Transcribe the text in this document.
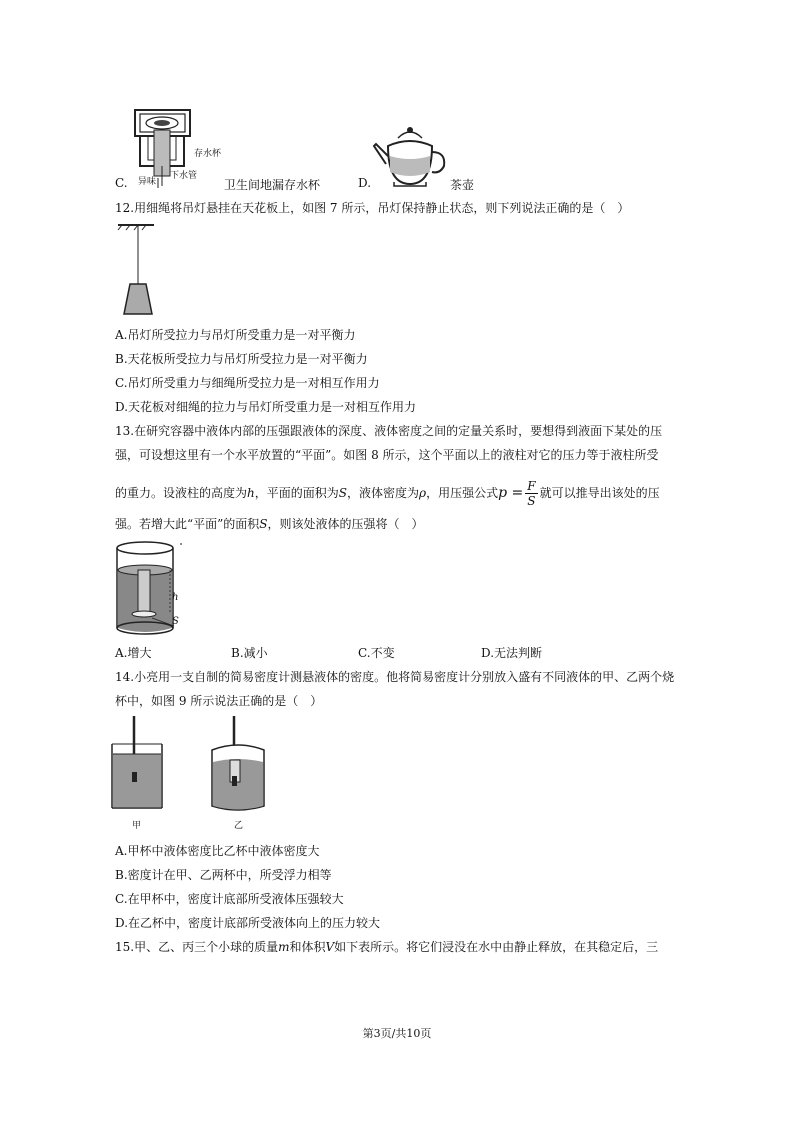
存水杯
下水管
异味
C.	卫生间地漏存水杯	D.	茶壶
12.用细绳将吊灯悬挂在天花板上，如图 7 所示，吊灯保持静止状态，则下列说法正确的是（　）
A.吊灯所受拉力与吊灯所受重力是一对平衡力
B.天花板所受拉力与吊灯所受拉力是一对平衡力
C.吊灯所受重力与细绳所受拉力是一对相互作用力
D.天花板对细绳的拉力与吊灯所受重力是一对相互作用力
13.在研究容器中液体内部的压强跟液体的深度、液体密度之间的定量关系时，要想得到液面下某处的压
强，可设想这里有一个水平放置的“平面”。如图 8 所示，这个平面以上的液柱对它的压力等于液柱所受
的重力。设液柱的高度为h，平面的面积为S，液体密度为ρ，用压强公式$p = \frac{F}{S}$ 就可以推导出该处的压
强。若增大此“平面”的面积S，则该处液体的压强将（　）
S
h
A.增大	B.减小	C.不变	D.无法判断
14.小亮用一支自制的简易密度计测悬液体的密度。他将简易密度计分别放入盛有不同液体的甲、乙两个烧
杯中，如图 9 所示说法正确的是（　）
甲	乙
A.甲杯中液体密度比乙杯中液体密度大
B.密度计在甲、乙两杯中，所受浮力相等
C.在甲杯中，密度计底部所受液体压强较大
D.在乙杯中，密度计底部所受液体向上的压力较大
15.甲、乙、丙三个小球的质量m和体积V如下表所示。将它们浸没在水中由静止释放，在其稳定后，三
第3页/共10页
